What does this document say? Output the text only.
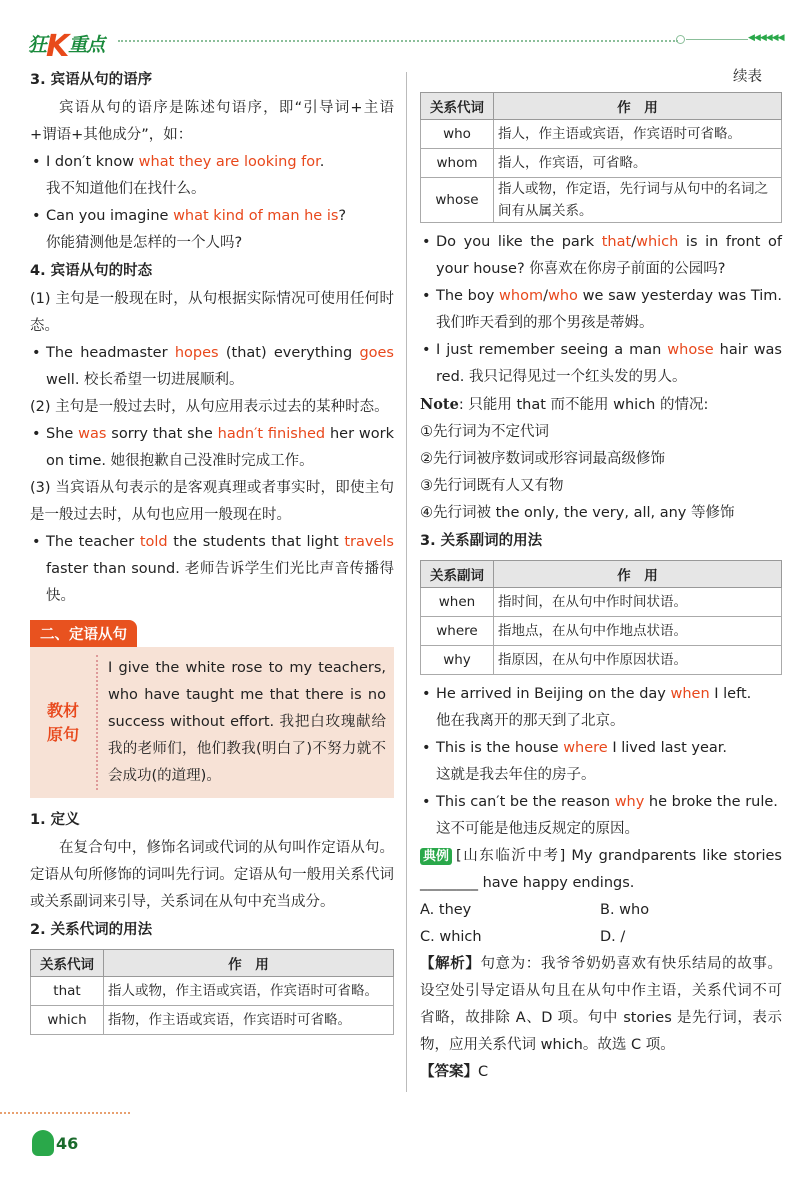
狂K重点	◀◀◀◀◀◀

3. 宾语从句的语序

宾语从句的语序是陈述句语序，即“引导词+主语+谓语+其他成分”，如：

• I don′t know what they are looking for.

我不知道他们在找什么。

• Can you imagine what kind of man he is?

你能猜测他是怎样的一个人吗?

4. 宾语从句的时态

(1) 主句是一般现在时，从句根据实际情况可使用任何时态。

• The headmaster hopes (that) everything goes well. 校长希望一切进展顺利。

(2) 主句是一般过去时，从句应用表示过去的某种时态。

• She was sorry that she hadn′t finished her work on time. 她很抱歉自己没准时完成工作。

(3) 当宾语从句表示的是客观真理或者事实时，即使主句是一般过去时，从句也应用一般现在时。

• The teacher told the students that light travels faster than sound. 老师告诉学生们光比声音传播得快。

二、定语从句
教材
原句
I give the white rose to my teachers, who have taught me that there is no success without effort. 我把白玫瑰献给我的老师们，他们教我(明白了)不努力就不会成功(的道理)。

1. 定义

在复合句中，修饰名词或代词的从句叫作定语从句。定语从句所修饰的词叫先行词。定语从句一般用关系代词或关系副词来引导，关系词在从句中充当成分。

2. 关系代词的用法

关系代词	作　用
that	指人或物，作主语或宾语，作宾语时可省略。
which	指物，作主语或宾语，作宾语时可省略。

续表

关系代词	作　用
who	指人，作主语或宾语，作宾语时可省略。
whom	指人，作宾语，可省略。
whose	指人或物，作定语，先行词与从句中的名词之间有从属关系。

• Do you like the park that/which is in front of your house? 你喜欢在你房子前面的公园吗?

• The boy whom/who we saw yesterday was Tim. 我们昨天看到的那个男孩是蒂姆。

• I just remember seeing a man whose hair was red. 我只记得见过一个红头发的男人。

Note: 只能用 that 而不能用 which 的情况:

①先行词为不定代词

②先行词被序数词或形容词最高级修饰

③先行词既有人又有物

④先行词被 the only, the very, all, any 等修饰

3. 关系副词的用法

关系副词	作　用
when	指时间，在从句中作时间状语。
where	指地点，在从句中作地点状语。
why	指原因，在从句中作原因状语。

• He arrived in Beijing on the day when I left.

他在我离开的那天到了北京。

• This is the house where I lived last year.

这就是我去年住的房子。

• This can′t be the reason why he broke the rule.

这不可能是他违反规定的原因。

典例 [山东临沂中考] My grandparents like stories ________ have happy endings.

A. they	B. who
C. which	D. /

【解析】句意为：我爷爷奶奶喜欢有快乐结局的故事。设空处引导定语从句且在从句中作主语，关系代词不可省略，故排除 A、D 项。句中 stories 是先行词，表示物，应用关系代词 which。故选 C 项。

【答案】C

46
